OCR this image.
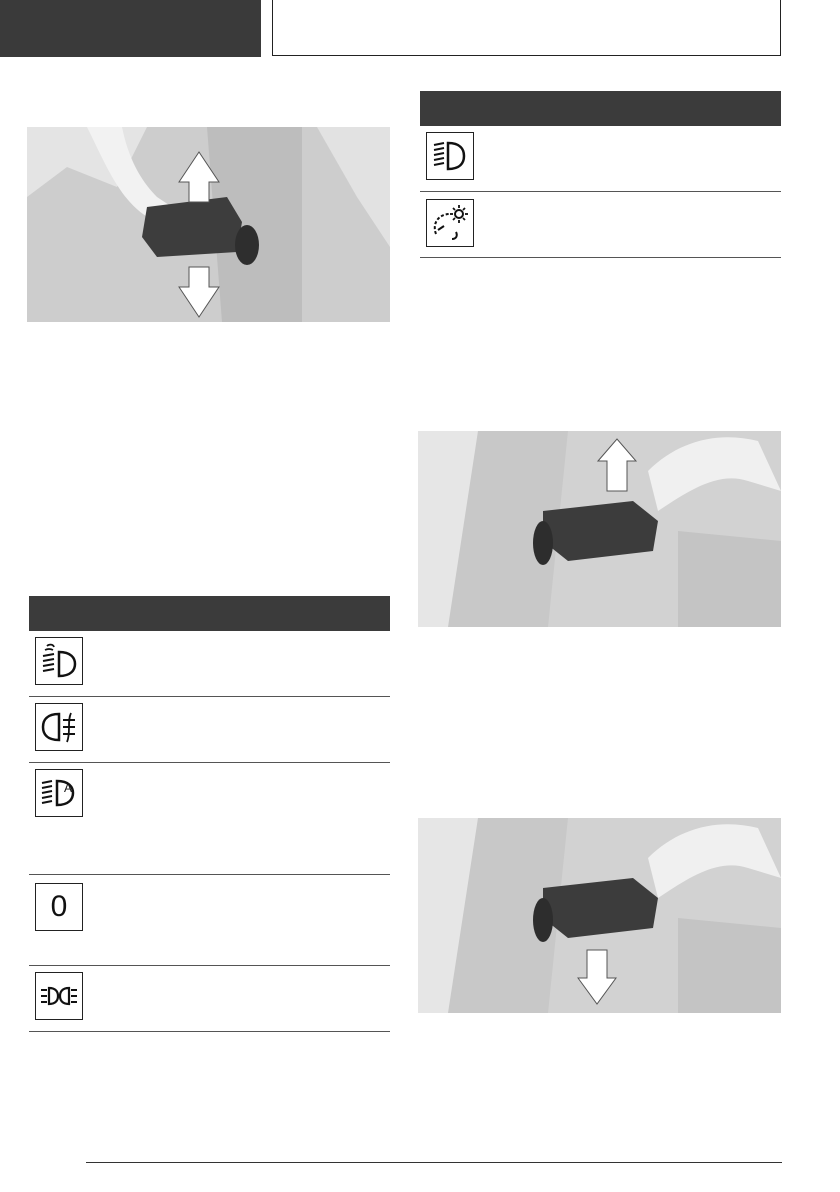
A
0
